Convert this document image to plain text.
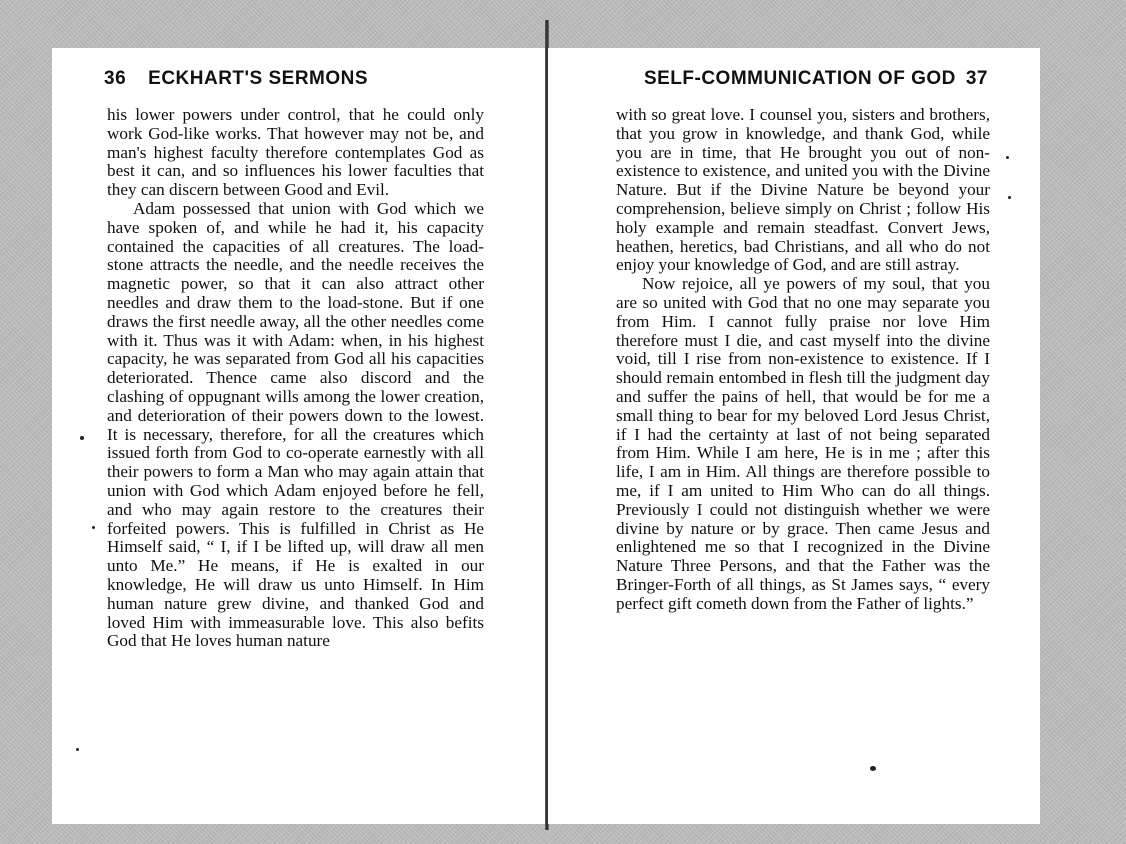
36 ECKHART'S SERMONS

his lower powers under control, that he could only work God-like works. That however may not be, and man's highest faculty therefore contemplates God as best it can, and so influences his lower faculties that they can discern between Good and Evil.

Adam possessed that union with God which we have spoken of, and while he had it, his capacity contained the capacities of all creatures. The load-stone attracts the needle, and the needle receives the magnetic power, so that it can also attract other needles and draw them to the load-stone. But if one draws the first needle away, all the other needles come with it. Thus was it with Adam: when, in his highest capacity, he was separated from God all his capacities deteriorated. Thence came also discord and the clashing of oppugnant wills among the lower creation, and deterioration of their powers down to the lowest. It is necessary, therefore, for all the creatures which issued forth from God to co-operate earnestly with all their powers to form a Man who may again attain that union with God which Adam enjoyed before he fell, and who may again restore to the creatures their forfeited powers. This is fulfilled in Christ as He Himself said, “ I, if I be lifted up, will draw all men unto Me.” He means, if He is exalted in our knowledge, He will draw us unto Himself. In Him human nature grew divine, and thanked God and loved Him with immeasurable love. This also befits God that He loves human nature

SELF-COMMUNICATION OF GOD 37

with so great love. I counsel you, sisters and brothers, that you grow in knowledge, and thank God, while you are in time, that He brought you out of non-existence to existence, and united you with the Divine Nature. But if the Divine Nature be beyond your comprehension, believe simply on Christ ; follow His holy example and remain steadfast. Convert Jews, heathen, heretics, bad Christians, and all who do not enjoy your knowledge of God, and are still astray.

Now rejoice, all ye powers of my soul, that you are so united with God that no one may separate you from Him. I cannot fully praise nor love Him therefore must I die, and cast myself into the divine void, till I rise from non-existence to existence. If I should remain entombed in flesh till the judgment day and suffer the pains of hell, that would be for me a small thing to bear for my beloved Lord Jesus Christ, if I had the certainty at last of not being separated from Him. While I am here, He is in me ; after this life, I am in Him. All things are therefore possible to me, if I am united to Him Who can do all things. Previously I could not distinguish whether we were divine by nature or by grace. Then came Jesus and enlightened me so that I recognized in the Divine Nature Three Persons, and that the Father was the Bringer-Forth of all things, as St James says, “ every perfect gift cometh down from the Father of lights.”
